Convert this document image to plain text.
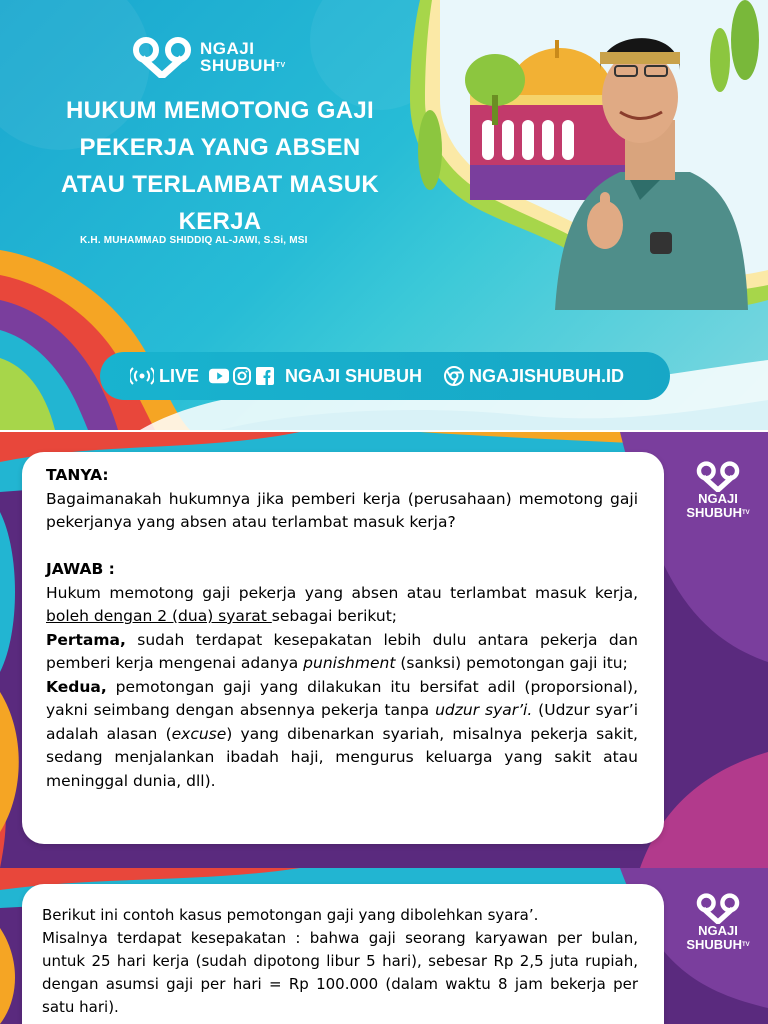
NGAJI
$SHUBUH^{TV}$
HUKUM MEMOTONG GAJI
PEKERJA YANG ABSEN
ATAU TERLAMBAT MASUK
KERJA

K.H. MUHAMMAD SHIDDIQ AL-JAWI, S.Si, MSI

LIVE	NGAJI SHUBUH	NGAJISHUBUH.ID
NGAJI
$SHUBUH^{TV}$

TANYA:

Bagaimanakah hukumnya jika pemberi kerja (perusahaan) memotong gaji pekerjanya yang absen atau terlambat masuk kerja?

JAWAB :

Hukum memotong gaji pekerja yang absen atau terlambat masuk kerja, boleh dengan 2 (dua) syarat sebagai berikut;

Pertama, sudah terdapat kesepakatan lebih dulu antara pekerja dan pemberi kerja mengenai adanya punishment (sanksi) pemotongan gaji itu;

Kedua, pemotongan gaji yang dilakukan itu bersifat adil (proporsional), yakni seimbang dengan absennya pekerja tanpa udzur syar’i. (Udzur syar’i adalah alasan (excuse) yang dibenarkan syariah, misalnya pekerja sakit, sedang menjalankan ibadah haji, mengurus keluarga yang sakit atau meninggal dunia, dll).

NGAJI
$SHUBUH^{TV}$

Berikut ini contoh kasus pemotongan gaji yang dibolehkan syara’.

Misalnya terdapat kesepakatan : bahwa gaji seorang karyawan per bulan, untuk 25 hari kerja (sudah dipotong libur 5 hari), sebesar Rp 2,5 juta rupiah, dengan asumsi gaji per hari = Rp 100.000 (dalam waktu 8 jam bekerja per satu hari).
